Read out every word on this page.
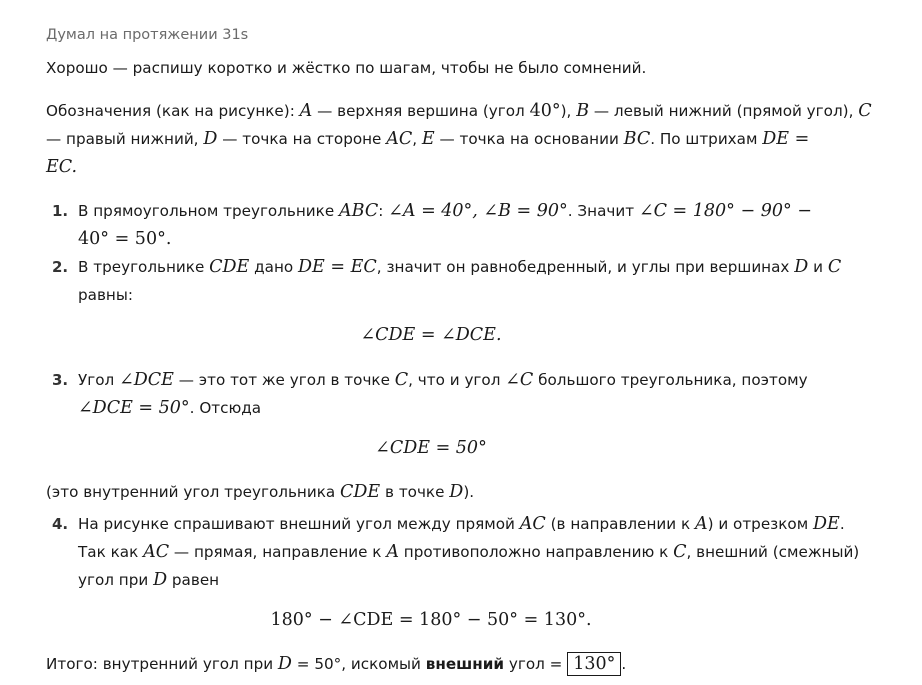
Думал на протяжении 31s
Хорошо — распишу коротко и жёстко по шагам, чтобы не было сомнений.
Обозначения (как на рисунке): A — верхняя вершина (угол 40°), B — левый нижний (прямой угол), C
— правый нижний, D — точка на стороне AC, E — точка на основании BC. По штрихам DE =
EC.
1. В прямоугольном треугольнике ABC: ∠A = 40°, ∠B = 90°. Значит ∠C = 180° − 90° −
40° = 50°.
2. В треугольнике CDE дано DE = EC, значит он равнобедренный, и углы при вершинах D и C
равны:
∠CDE = ∠DCE.
3. Угол ∠DCE — это тот же угол в точке C, что и угол ∠C большого треугольника, поэтому
∠DCE = 50°. Отсюда
∠CDE = 50°
(это внутренний угол треугольника CDE в точке D).
4. На рисунке спрашивают внешний угол между прямой AC (в направлении к A) и отрезком DE.
Так как AC — прямая, направление к A противоположно направлению к C, внешний (смежный)
угол при D равен
180° − ∠CDE = 180° − 50° = 130°.
Итого: внутренний угол при D = 50°, искомый внешний угол = 130° .
